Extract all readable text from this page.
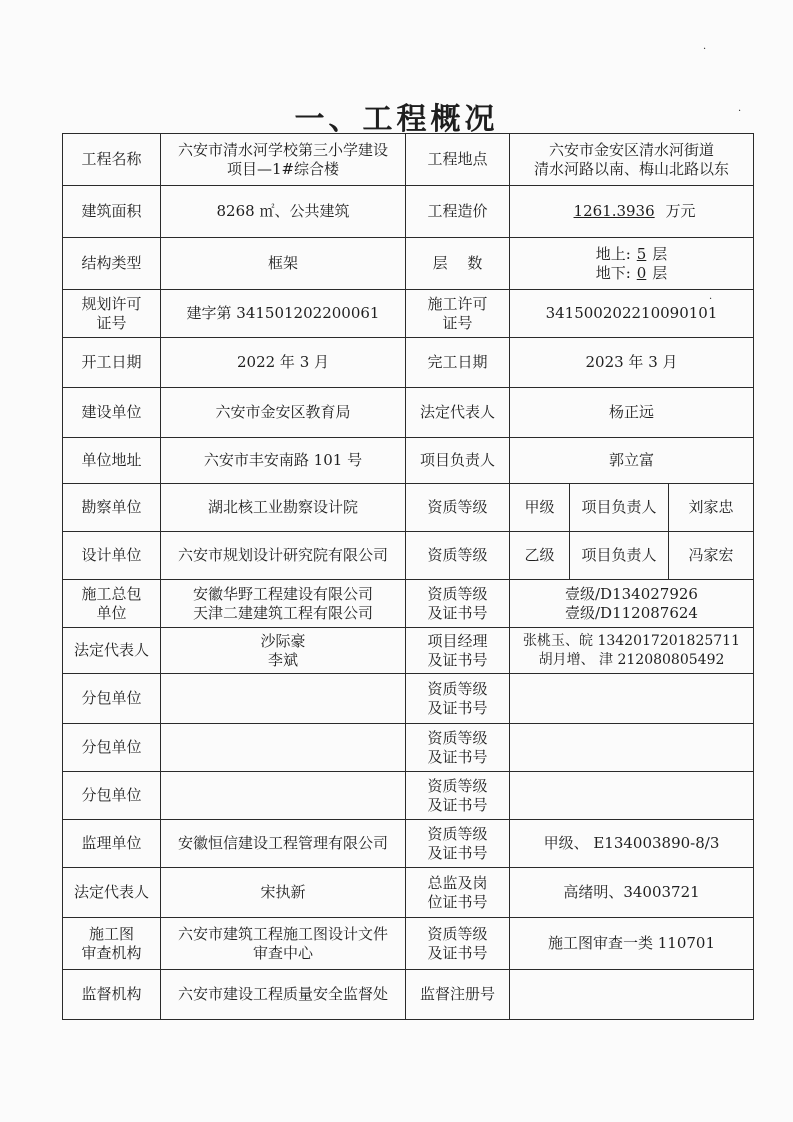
·
·
·
一、工程概况
工程名称	六安市清水河学校第三小学建设
项目—1#综合楼	工程地点	六安市金安区清水河街道
清水河路以南、梅山北路以东		

建筑面积	8268 ㎡、公共建筑	工程造价	1261.3936 万元		
结构类型	框架	层　 数	地上: 5 层
地下: 0 层		

规划许可
证号	建字第 341501202200061	施工许可
证号	341500202210090101		
开工日期	2022 年 3 月	完工日期	2023 年 3 月		
建设单位	六安市金安区教育局	法定代表人	杨正远		
单位地址	六安市丰安南路 101 号	项目负责人	郭立富		
勘察单位	湖北核工业勘察设计院	资质等级	甲级	项目负责人	刘家忠
设计单位	六安市规划设计研究院有限公司	资质等级	乙级	项目负责人	冯家宏

施工总包
单位	安徽华野工程建设有限公司
天津二建建筑工程有限公司	资质等级
及证书号	壹级/D134027926
壹级/D112087624		

法定代表人	沙际豪
李斌	项目经理
及证书号	张桃玉、皖 1342017201825711
胡月增、 津 212080805492		

分包单位		资质等级
及证书号			

分包单位		资质等级
及证书号			

分包单位		资质等级
及证书号			

监理单位	安徽恒信建设工程管理有限公司	资质等级
及证书号	甲级、 E134003890-8/3		
法定代表人	宋执新	总监及岗
位证书号	高绪明、34003721		

施工图
审查机构	六安市建筑工程施工图设计文件
审查中心	资质等级
及证书号	施工图审查一类 110701		
监督机构	六安市建设工程质量安全监督处	监督注册号			
